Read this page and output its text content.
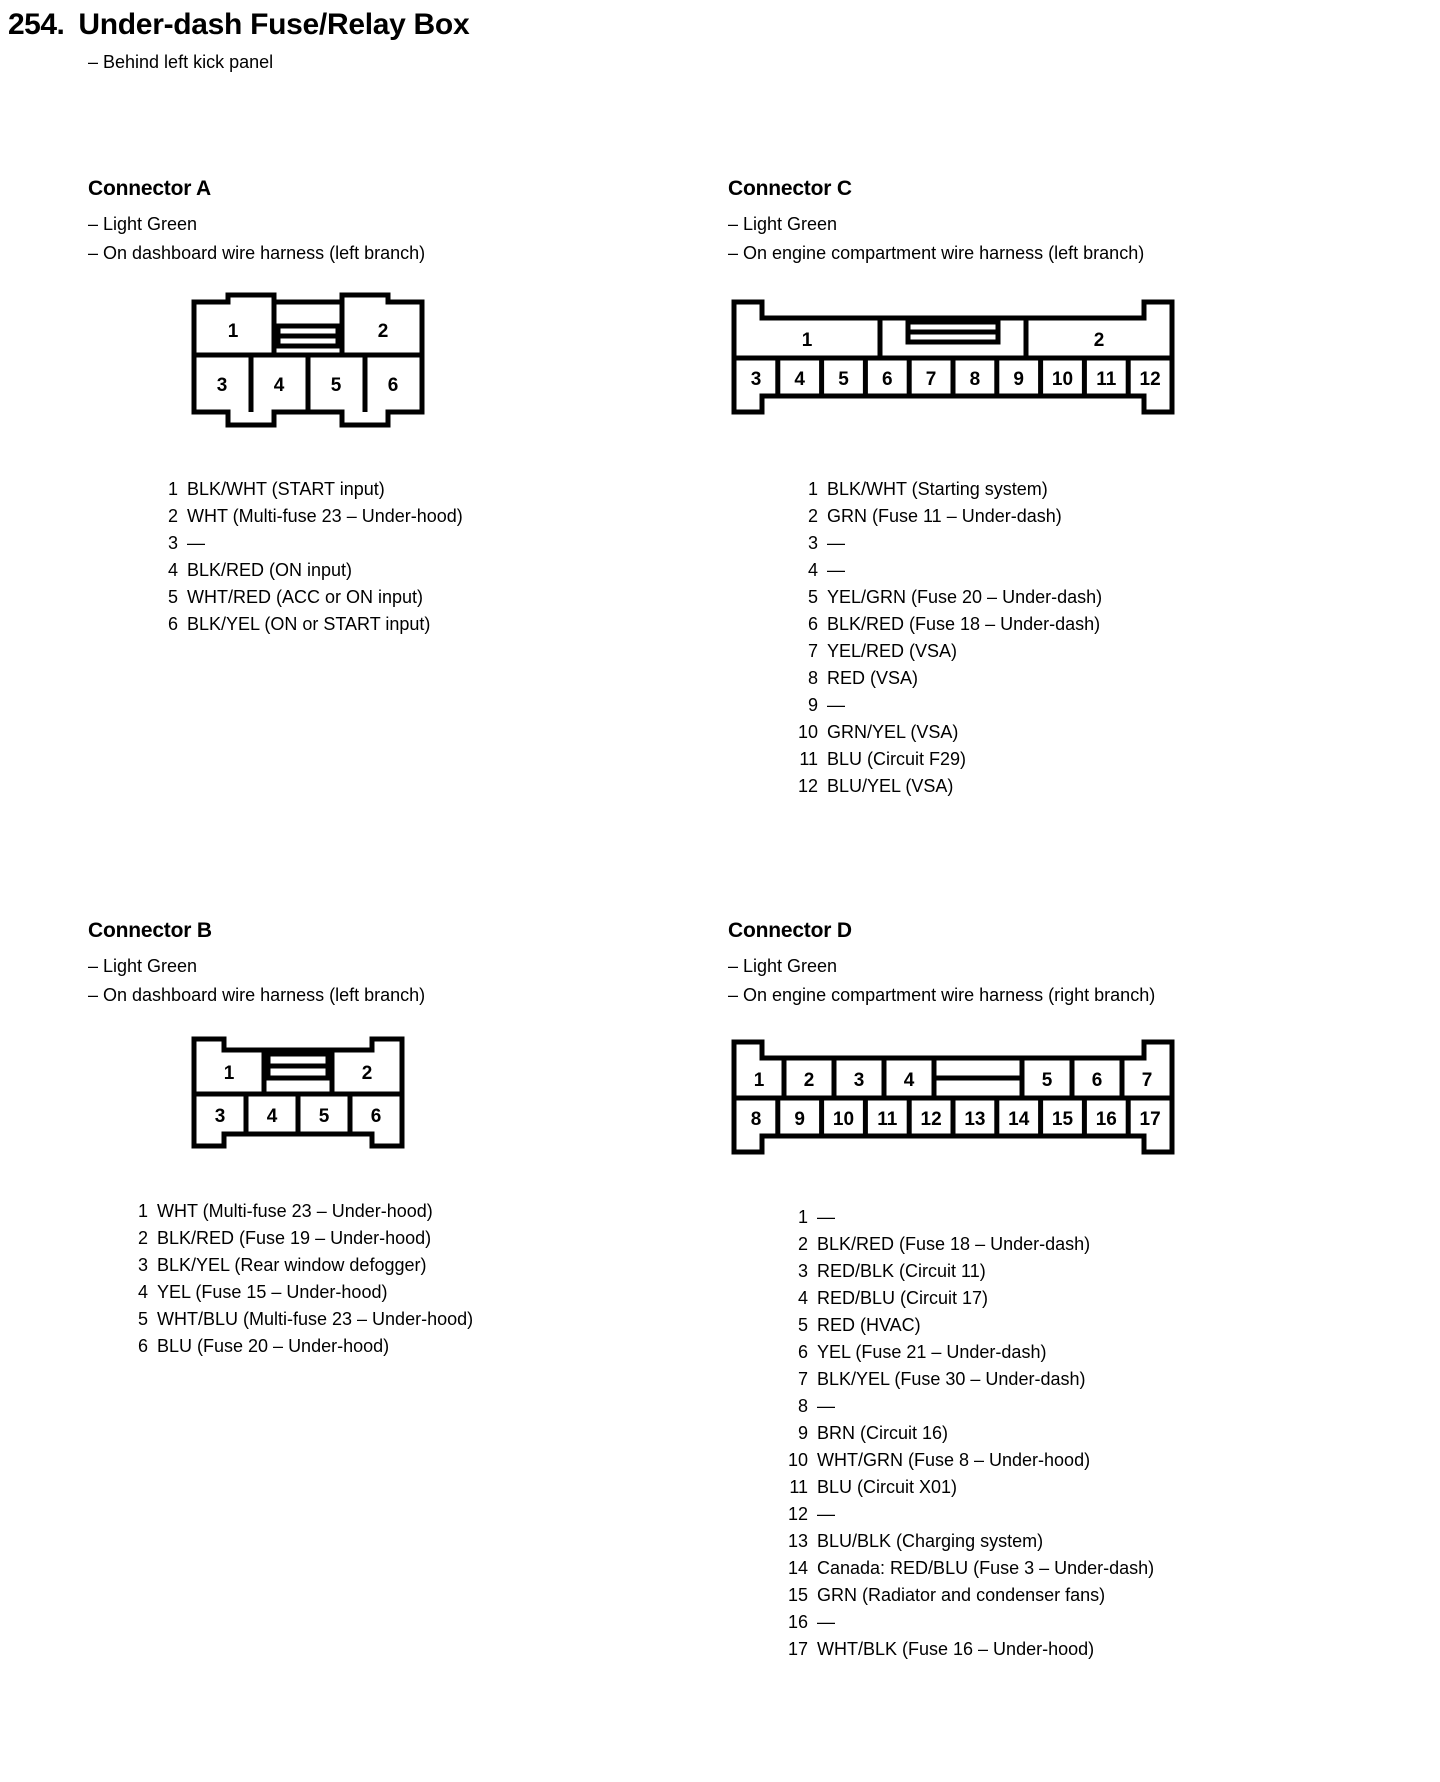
254. Under-dash Fuse/Relay Box
– Behind left kick panel
Connector A
– Light Green
– On dashboard wire harness (left branch)
1	2
3 4 5 6
1 BLK/WHT (START input)
2 WHT (Multi-fuse 23 – Under-hood)
3 —
4 BLK/RED (ON input)
5 WHT/RED (ACC or ON input)
6 BLK/YEL (ON or START input)
Connector C
– Light Green
– On engine compartment wire harness (left branch)
1	2
3 4 5 6 7 8 9 10 11 12
1 BLK/WHT (Starting system)
2 GRN (Fuse 11 – Under-dash)
3 —
4 —
5 YEL/GRN (Fuse 20 – Under-dash)
6 BLK/RED (Fuse 18 – Under-dash)
7 YEL/RED (VSA)
8 RED (VSA)
9 —
10 GRN/YEL (VSA)
11 BLU (Circuit F29)
12 BLU/YEL (VSA)
Connector B
– Light Green
– On dashboard wire harness (left branch)
1	2
3 4 5 6
1 WHT (Multi-fuse 23 – Under-hood)
2 BLK/RED (Fuse 19 – Under-hood)
3 BLK/YEL (Rear window defogger)
4 YEL (Fuse 15 – Under-hood)
5 WHT/BLU (Multi-fuse 23 – Under-hood)
6 BLU (Fuse 20 – Under-hood)
Connector D
– Light Green
– On engine compartment wire harness (right branch)
1 2 3 4	5 6 7
8 9 10 11 12 13 14 15 16 17
1 —
2 BLK/RED (Fuse 18 – Under-dash)
3 RED/BLK (Circuit 11)
4 RED/BLU (Circuit 17)
5 RED (HVAC)
6 YEL (Fuse 21 – Under-dash)
7 BLK/YEL (Fuse 30 – Under-dash)
8 —
9 BRN (Circuit 16)
10 WHT/GRN (Fuse 8 – Under-hood)
11 BLU (Circuit X01)
12 —
13 BLU/BLK (Charging system)
14 Canada: RED/BLU (Fuse 3 – Under-dash)
15 GRN (Radiator and condenser fans)
16 —
17 WHT/BLK (Fuse 16 – Under-hood)
